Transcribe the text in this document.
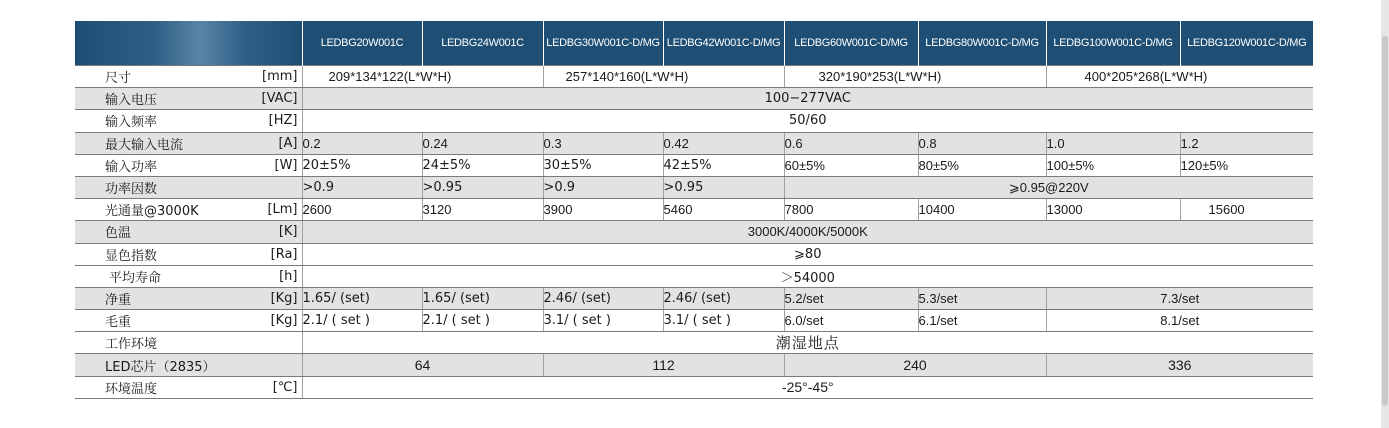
		LEDBG20W001C	LEDBG24W001C	LEDBG30W001C-D/MG	LEDBG42W001C-D/MG	LEDBG60W001C-D/MG	LEDBG80W001C-D/MG	LEDBG100W001C-D/MG	LEDBG120W001C-D/MG
尺寸	[mm]	209*134*122(L*W*H)		257*140*160(L*W*H)		320*190*253(L*W*H)		400*205*268(L*W*H)	
输入电压	[VAC]	100−277VAC							
输入频率	[HZ]	50/60							
最大输入电流	[A]	0.2	0.24	0.3	0.42	0.6	0.8	1.0	1.2
输入功率	[W]	20±5%	24±5%	30±5%	42±5%	60±5%	80±5%	100±5%	120±5%
功率因数		>0.9	>0.95	>0.9	>0.95	⩾0.95@220V			
光通量@3000K	[Lm]	2600	3120	3900	5460	7800	10400	13000	15600
色温	[K]	3000K/4000K/5000K							
显色指数	[Ra]	⩾80							
平均寿命	[h]	＞54000							
净重	[Kg]	1.65/ (set)	1.65/ (set)	2.46/ (set)	2.46/ (set)	5.2/set	5.3/set	7.3/set	
毛重	[Kg]	2.1/ ( set )	2.1/ ( set )	3.1/ ( set )	3.1/ ( set )	6.0/set	6.1/set	8.1/set	
工作环境		潮湿地点							
LED芯片（2835）		64		112		240		336	
环境温度	[℃]	-25°-45°							
